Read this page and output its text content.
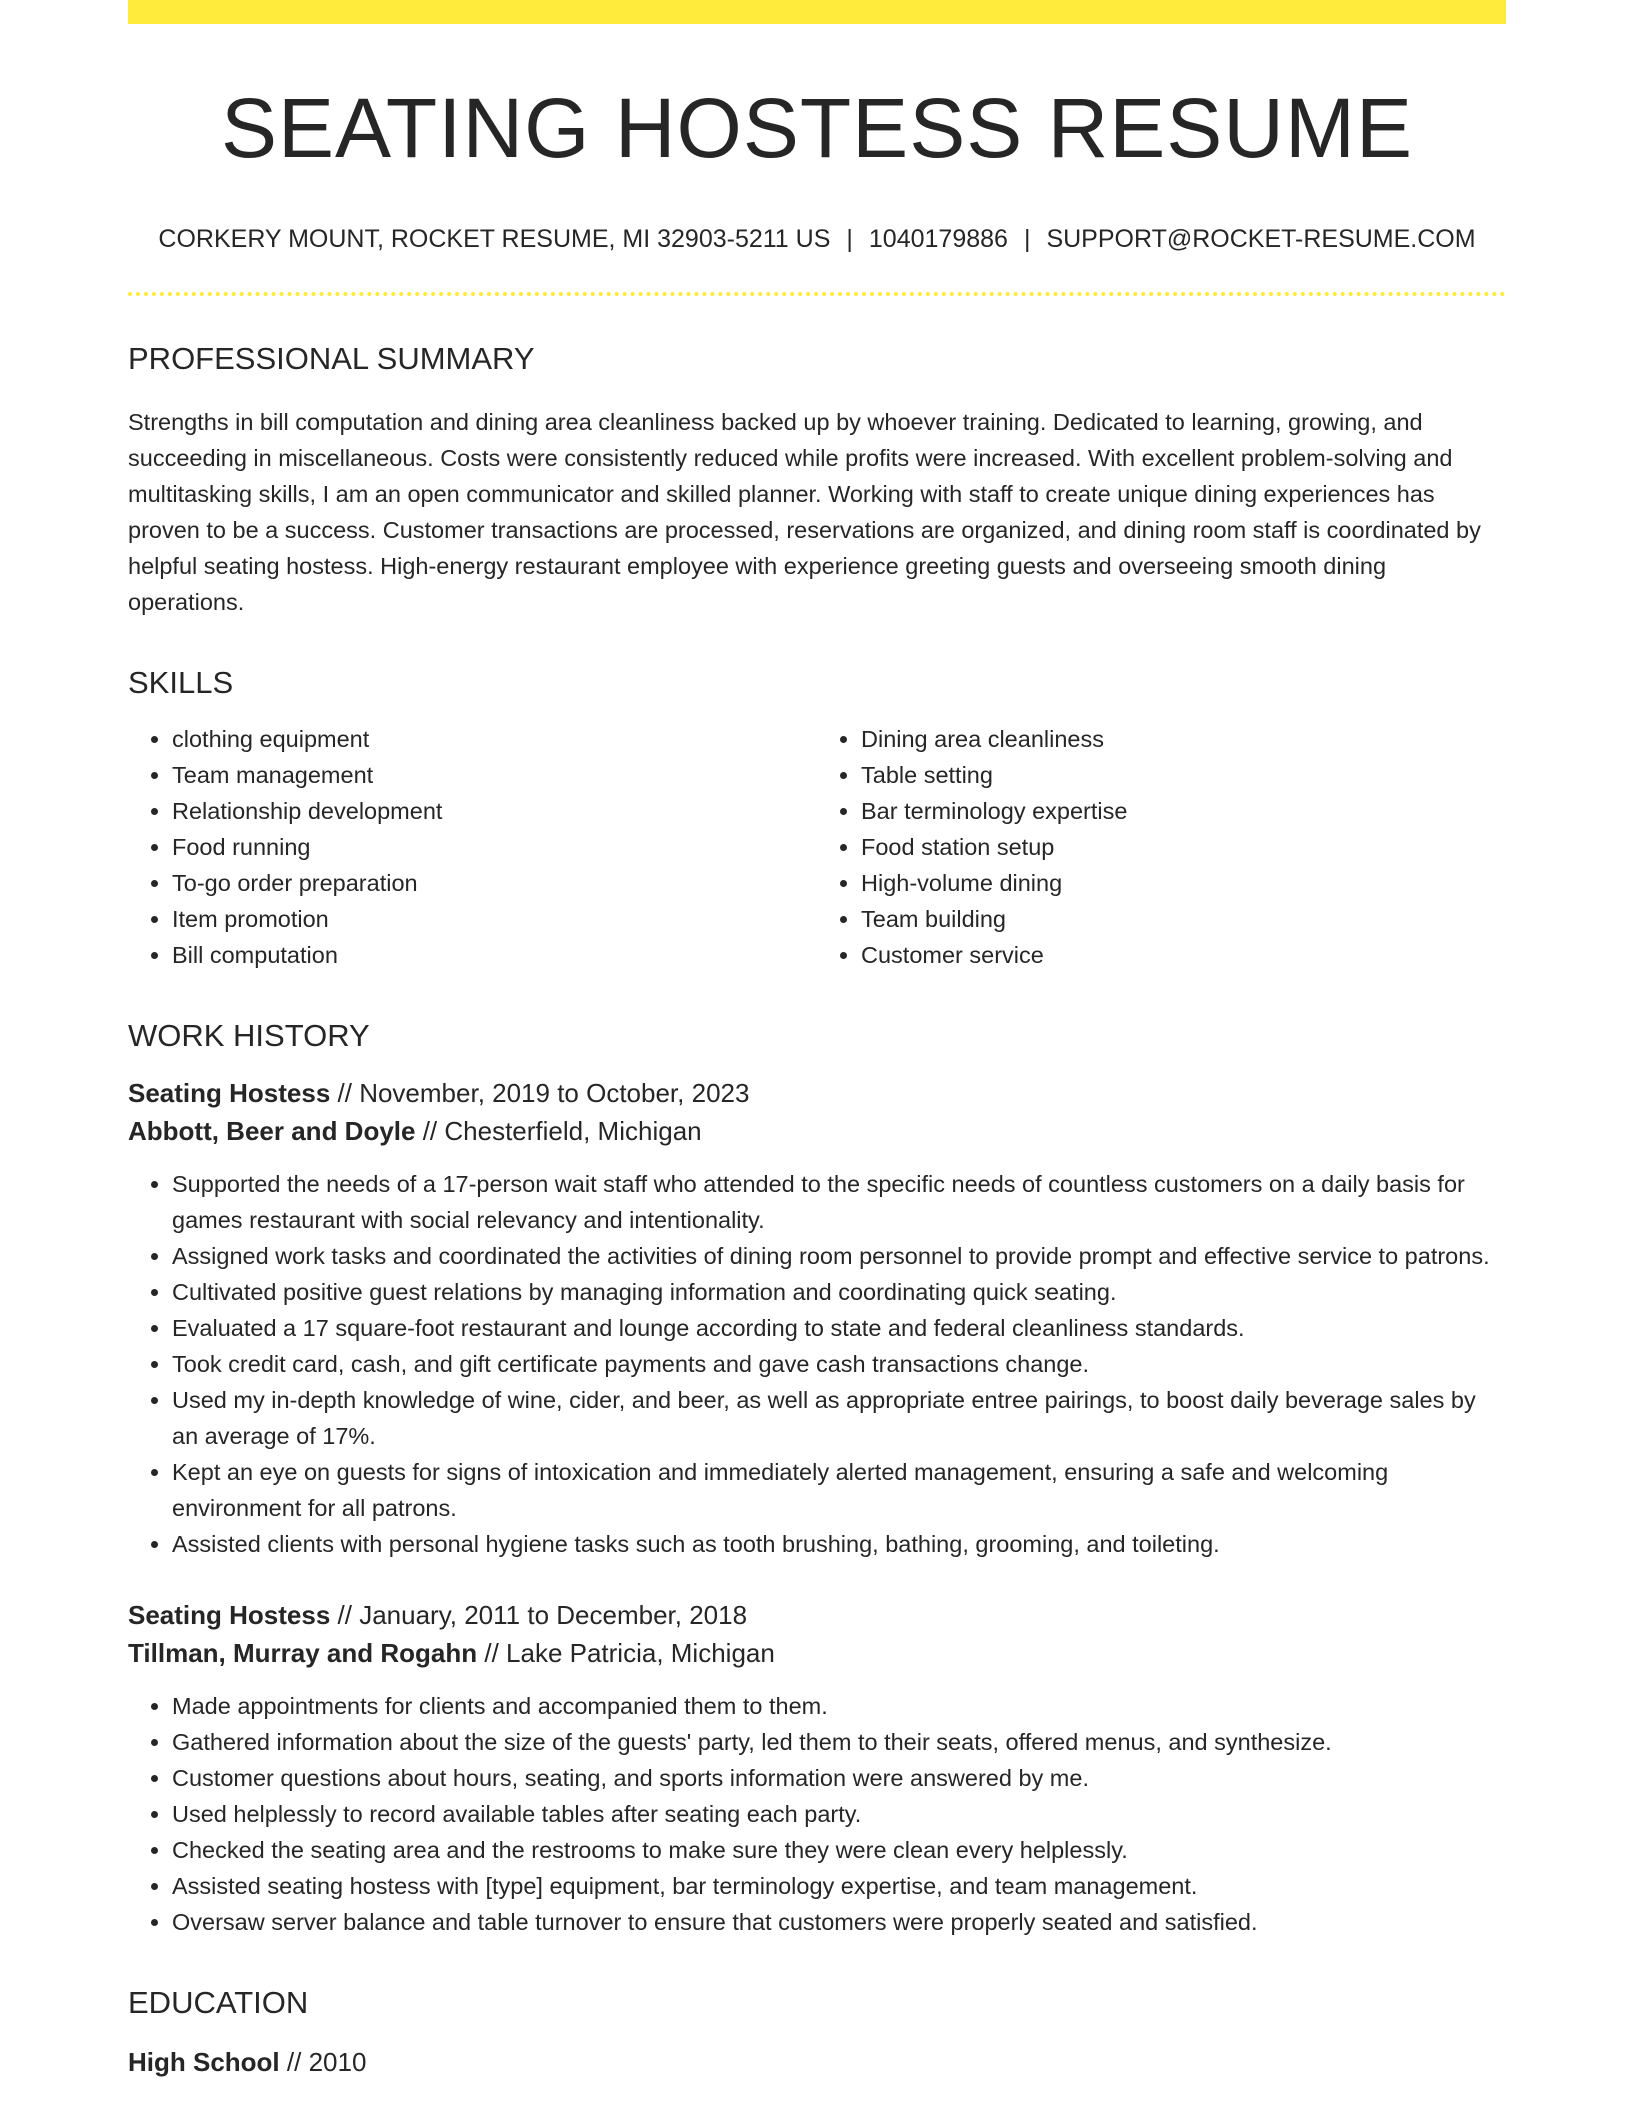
SEATING HOSTESS RESUME
CORKERY MOUNT, ROCKET RESUME, MI 32903-5211 US | 1040179886 | SUPPORT@ROCKET-RESUME.COM
PROFESSIONAL SUMMARY
Strengths in bill computation and dining area cleanliness backed up by whoever training. Dedicated to learning, growing, and succeeding in miscellaneous. Costs were consistently reduced while profits were increased. With excellent problem-solving and multitasking skills, I am an open communicator and skilled planner. Working with staff to create unique dining experiences has proven to be a success. Customer transactions are processed, reservations are organized, and dining room staff is coordinated by helpful seating hostess. High-energy restaurant employee with experience greeting guests and overseeing smooth dining operations.
SKILLS
• clothing equipment
• Team management
• Relationship development
• Food running
• To-go order preparation
• Item promotion
• Bill computation
• Dining area cleanliness
• Table setting
• Bar terminology expertise
• Food station setup
• High-volume dining
• Team building
• Customer service
WORK HISTORY
Seating Hostess // November, 2019 to October, 2023
Abbott, Beer and Doyle // Chesterfield, Michigan
• Supported the needs of a 17-person wait staff who attended to the specific needs of countless customers on a daily basis for games restaurant with social relevancy and intentionality.
• Assigned work tasks and coordinated the activities of dining room personnel to provide prompt and effective service to patrons.
• Cultivated positive guest relations by managing information and coordinating quick seating.
• Evaluated a 17 square-foot restaurant and lounge according to state and federal cleanliness standards.
• Took credit card, cash, and gift certificate payments and gave cash transactions change.
• Used my in-depth knowledge of wine, cider, and beer, as well as appropriate entree pairings, to boost daily beverage sales by an average of 17%.
• Kept an eye on guests for signs of intoxication and immediately alerted management, ensuring a safe and welcoming environment for all patrons.
• Assisted clients with personal hygiene tasks such as tooth brushing, bathing, grooming, and toileting.
Seating Hostess // January, 2011 to December, 2018
Tillman, Murray and Rogahn // Lake Patricia, Michigan
• Made appointments for clients and accompanied them to them.
• Gathered information about the size of the guests' party, led them to their seats, offered menus, and synthesize.
• Customer questions about hours, seating, and sports information were answered by me.
• Used helplessly to record available tables after seating each party.
• Checked the seating area and the restrooms to make sure they were clean every helplessly.
• Assisted seating hostess with [type] equipment, bar terminology expertise, and team management.
• Oversaw server balance and table turnover to ensure that customers were properly seated and satisfied.
EDUCATION
High School // 2010
